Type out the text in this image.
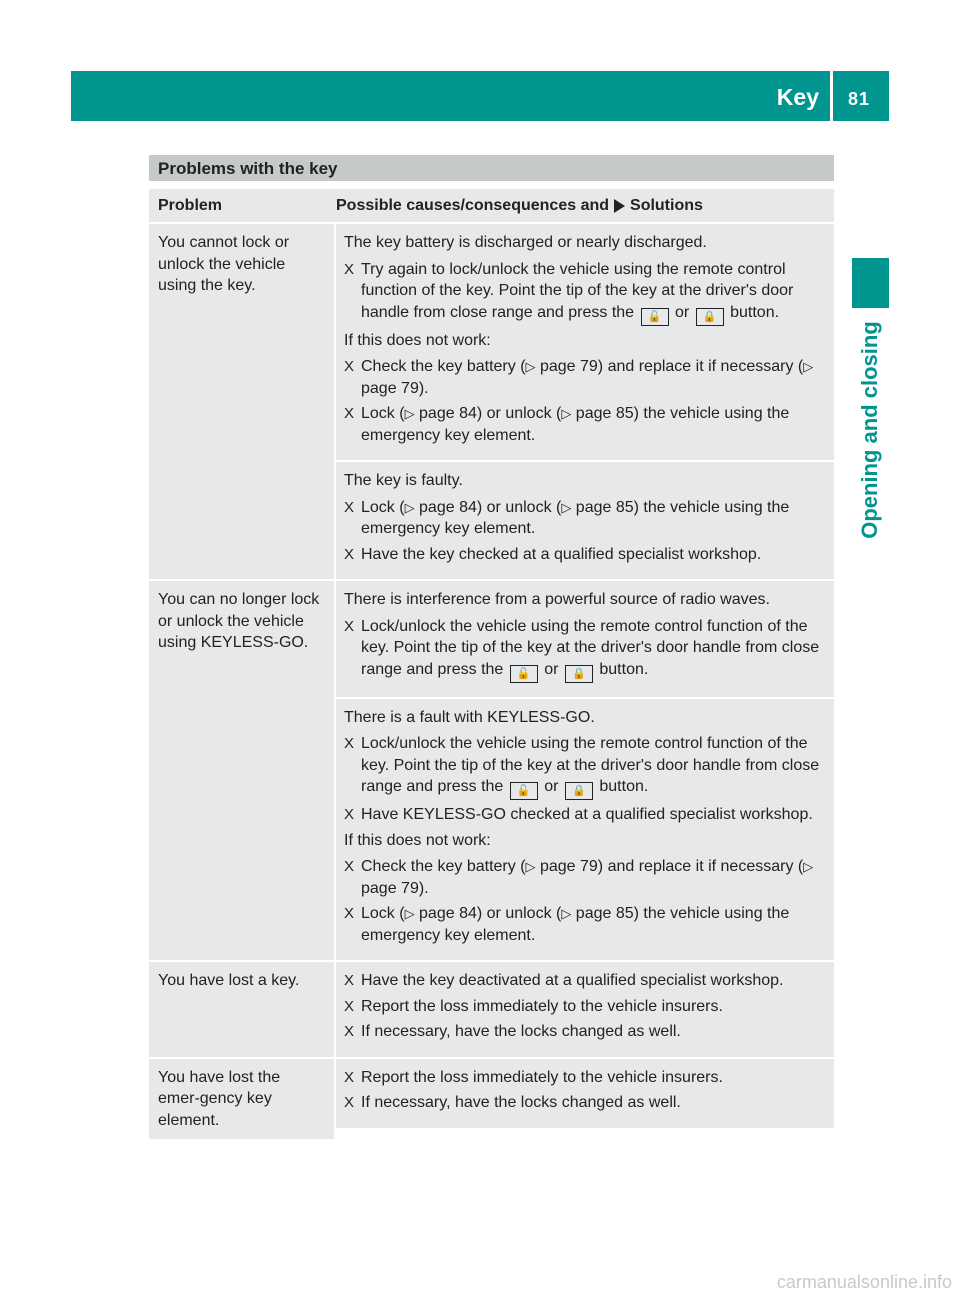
Key 81
Opening and closing
Problems with the key
Problem	Possible causes/consequences and Solutions
You cannot lock or unlock the vehicle using the key.

The key battery is discharged or nearly discharged.

X Try again to lock/unlock the vehicle using the remote control function of the key. Point the tip of the key at the driver's door handle from close range and press the 🔓 or 🔒 button.

If this does not work:

X Check the key battery (▷ page 79) and replace it if necessary (▷ page 79).
X Lock (▷ page 84) or unlock (▷ page 85) the vehicle using the emergency key element.

The key is faulty.

X Lock (▷ page 84) or unlock (▷ page 85) the vehicle using the emergency key element.
X Have the key checked at a qualified specialist workshop.
You can no longer lock or unlock the vehicle using KEYLESS-GO.

There is interference from a powerful source of radio waves.

X Lock/unlock the vehicle using the remote control function of the key. Point the tip of the key at the driver's door handle from close range and press the 🔓 or 🔒 button.

There is a fault with KEYLESS-GO.

X Lock/unlock the vehicle using the remote control function of the key. Point the tip of the key at the driver's door handle from close range and press the 🔓 or 🔒 button.
X Have KEYLESS-GO checked at a qualified specialist workshop.

If this does not work:

X Check the key battery (▷ page 79) and replace it if necessary (▷ page 79).
X Lock (▷ page 84) or unlock (▷ page 85) the vehicle using the emergency key element.
You have lost a key.	X Have the key deactivated at a qualified specialist workshop.
X Report the loss immediately to the vehicle insurers.
X If necessary, have the locks changed as well.
You have lost the emer-gency key element.
X Report the loss immediately to the vehicle insurers.
X If necessary, have the locks changed as well.
carmanualsonline.info
